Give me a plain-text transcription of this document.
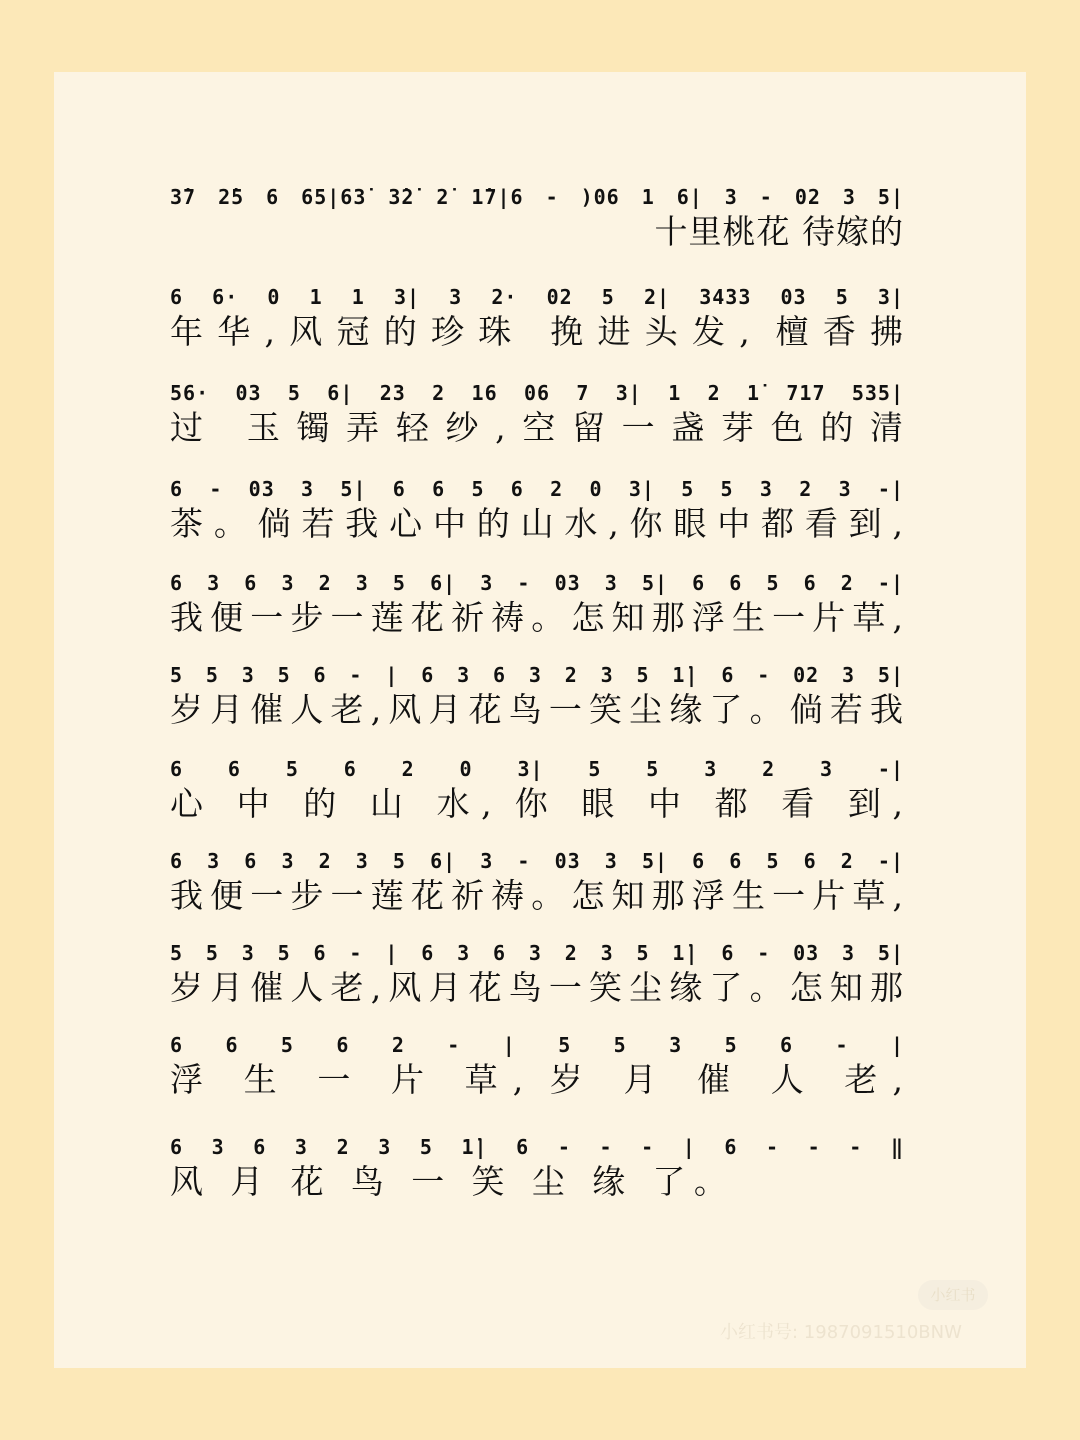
3̇7 2̇5 6 65|63̇ 3̇2̇ 2̇ 1̇7|6 - )06 1 6| 3 - 02 3 5|
十里桃花 待嫁的
6 6· 0 1 1 3| 3 2· 02 5 2| 3433 03 5 3|
年华,风冠的珍珠 挽进头发, 檀香拂
56· 03 5 6| 23 2 16 06 7 3| 1 2 1̇ 717 535|
过 玉镯弄轻纱,空留一盏芽色的清
6 - 03 3 5| 6 6 5 6 2 0 3| 5 5 3 2 3 -|
茶。倘若我心中的山水,你眼中都看到,
6 3 6 3 2 3 5 6| 3 - 03 3 5| 6 6 5 6 2 -|
我便一步一莲花祈祷。怎知那浮生一片草,
5 5 3 5 6 - | 6 3 6 3 2 3 5 1̇| 6 - 02 3 5|
岁月催人老,风月花鸟一笑尘缘了。倘若我
6 6 5 6 2 0 3| 5 5 3 2 3 -|
心 中 的 山 水, 你 眼 中 都 看 到,
6 3 6 3 2 3 5 6| 3 - 03 3 5| 6 6 5 6 2 -|
我便一步一莲花祈祷。怎知那浮生一片草,
5 5 3 5 6 - | 6 3 6 3 2 3 5 1̇| 6 - 03 3 5|
岁月催人老,风月花鸟一笑尘缘了。怎知那
6 6 5 6 2 - | 5 5 3 5 6 - |
浮 生 一 片 草, 岁 月 催 人 老,
6 3 6 3 2 3 5 1̇| 6 - - - | 6 - - - ‖
风 月 花 鸟 一 笑 尘 缘 了。
小红书
小红书号: 1987091510BNW
